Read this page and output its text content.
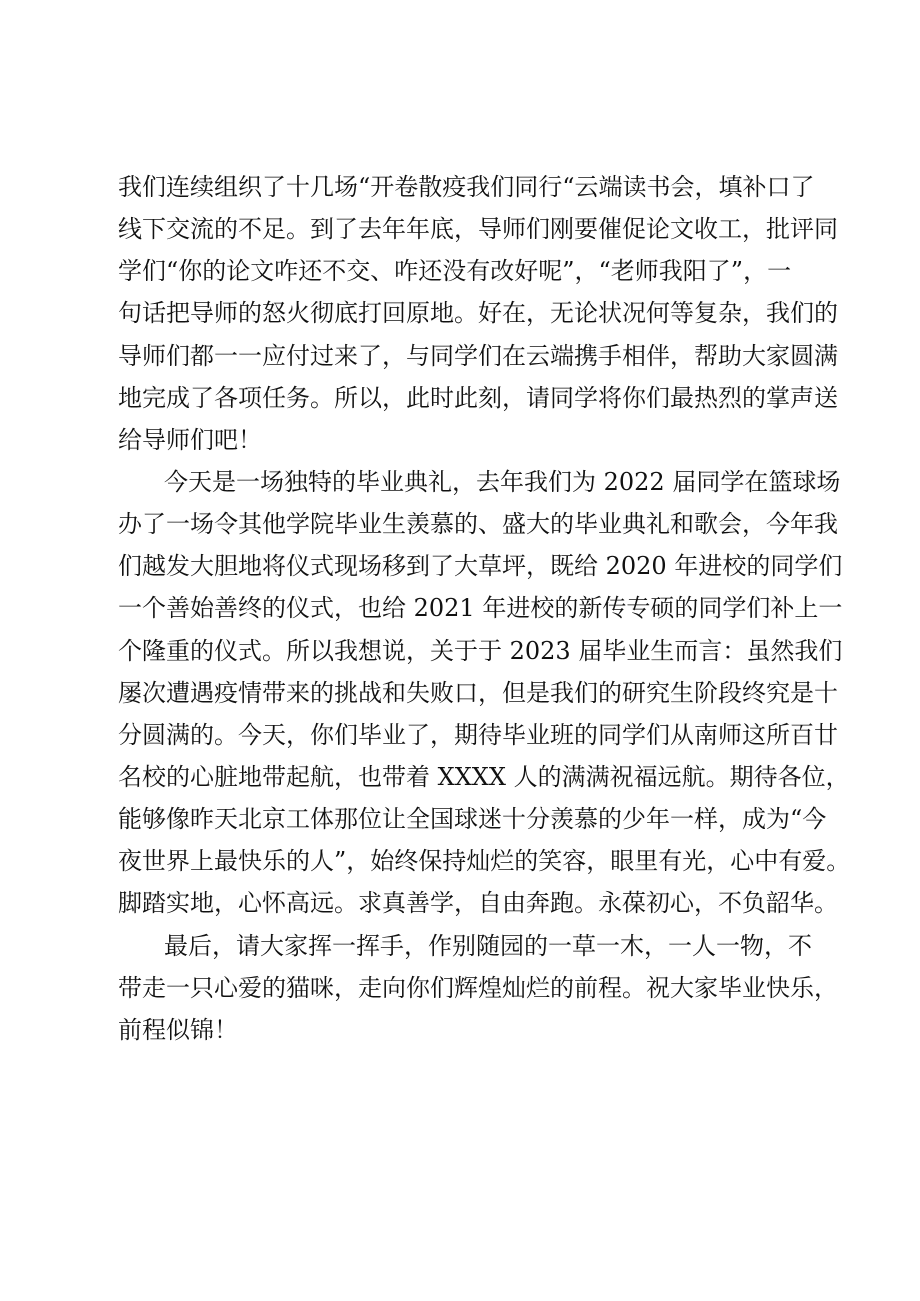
我们连续组织了十几场“开卷散疫我们同行“云端读书会，填补口了
线下交流的不足。到了去年年底，导师们刚要催促论文收工，批评同
学们“你的论文咋还不交、咋还没有改好呢”，“老师我阳了”，一
句话把导师的怒火彻底打回原地。好在，无论状况何等复杂，我们的
导师们都一一应付过来了，与同学们在云端携手相伴，帮助大家圆满
地完成了各项任务。所以，此时此刻，请同学将你们最热烈的掌声送
给导师们吧！
今天是一场独特的毕业典礼，去年我们为 2022 届同学在篮球场
办了一场令其他学院毕业生羡慕的、盛大的毕业典礼和歌会，今年我
们越发大胆地将仪式现场移到了大草坪，既给 2020 年进校的同学们
一个善始善终的仪式，也给 2021 年进校的新传专硕的同学们补上一
个隆重的仪式。所以我想说，关于于 2023 届毕业生而言：虽然我们
屡次遭遇疫情带来的挑战和失败口，但是我们的研究生阶段终究是十
分圆满的。今天，你们毕业了，期待毕业班的同学们从南师这所百廿
名校的心脏地带起航，也带着 XXXX 人的满满祝福远航。期待各位，
能够像昨天北京工体那位让全国球迷十分羡慕的少年一样，成为“今
夜世界上最快乐的人”，始终保持灿烂的笑容，眼里有光，心中有爱。
脚踏实地，心怀高远。求真善学，自由奔跑。永葆初心，不负韶华。
最后，请大家挥一挥手，作别随园的一草一木，一人一物，不
带走一只心爱的猫咪，走向你们辉煌灿烂的前程。祝大家毕业快乐，
前程似锦！
